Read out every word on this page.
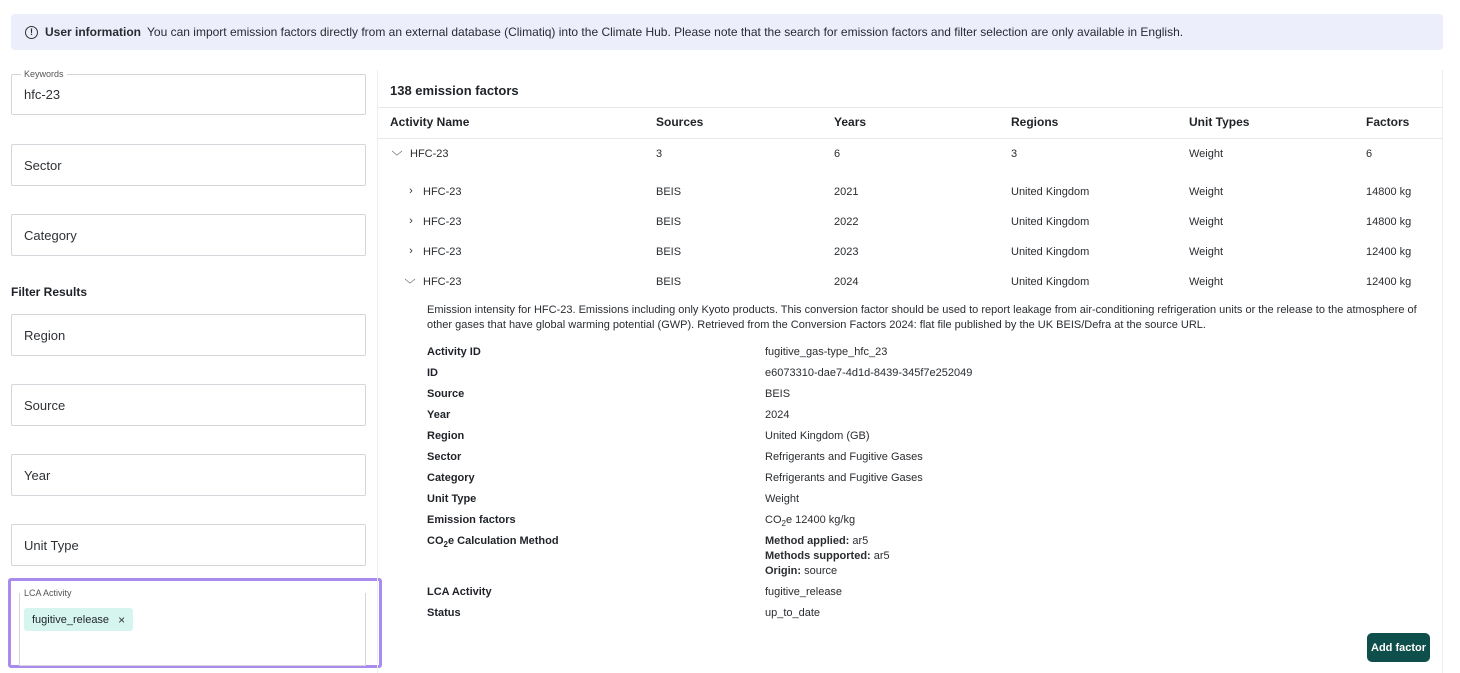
!	User information You can import emission factors directly from an external database (Climatiq) into the Climate Hub. Please note that the search for emission factors and filter selection are only available in English.
Keywords
hfc-23
Sector
Category
Filter Results
Region
Source
Year
Unit Type
LCA Activity
fugitive_release ×
138 emission factors
Activity Name	Sources	Years	Regions	Unit Types	Factors
﹀ HFC-23	3	6	3	Weight	6
› HFC-23	BEIS	2021	United Kingdom	Weight	14800 kg
› HFC-23	BEIS	2022	United Kingdom	Weight	14800 kg
› HFC-23	BEIS	2023	United Kingdom	Weight	12400 kg
﹀ HFC-23	BEIS	2024	United Kingdom	Weight	12400 kg
Emission intensity for HFC-23. Emissions including only Kyoto products. This conversion factor should be used to report leakage from air-conditioning refrigeration units or the release to the atmosphere of other gases that have global warming potential (GWP). Retrieved from the Conversion Factors 2024: flat file published by the UK BEIS/Defra at the source URL.
Activity ID	fugitive_gas-type_hfc_23
ID	e6073310-dae7-4d1d-8439-345f7e252049
Source	BEIS
Year	2024
Region	United Kingdom (GB)
Sector	Refrigerants and Fugitive Gases
Category	Refrigerants and Fugitive Gases
Unit Type	Weight
Emission factors	$CO_2e$ 12400 kg/kg
$CO_2e$ Calculation Method	Method applied: ar5
Methods supported: ar5
Origin: source
LCA Activity	fugitive_release
Status	up_to_date
Add factor
